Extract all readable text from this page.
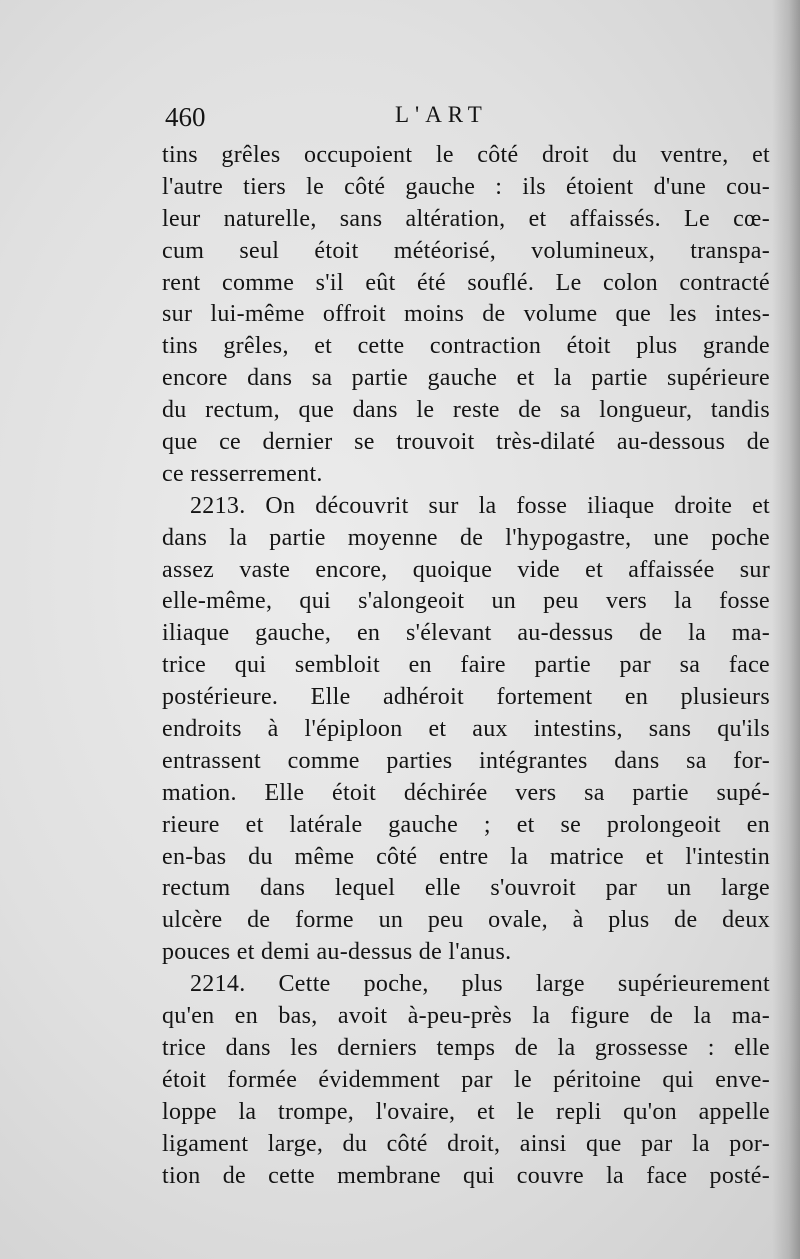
460	L'ART
tins grêles occupoient le côté droit du ventre, et
l'autre tiers le côté gauche : ils étoient d'une cou-
leur naturelle, sans altération, et affaissés. Le cœ-
cum seul étoit météorisé, volumineux, transpa-
rent comme s'il eût été souflé. Le colon contracté
sur lui-même offroit moins de volume que les intes-
tins grêles, et cette contraction étoit plus grande
encore dans sa partie gauche et la partie supérieure
du rectum, que dans le reste de sa longueur, tandis
que ce dernier se trouvoit très-dilaté au-dessous de
ce resserrement.
2213. On découvrit sur la fosse iliaque droite et
dans la partie moyenne de l'hypogastre, une poche
assez vaste encore, quoique vide et affaissée sur
elle-même, qui s'alongeoit un peu vers la fosse
iliaque gauche, en s'élevant au-dessus de la ma-
trice qui sembloit en faire partie par sa face
postérieure. Elle adhéroit fortement en plusieurs
endroits à l'épiploon et aux intestins, sans qu'ils
entrassent comme parties intégrantes dans sa for-
mation. Elle étoit déchirée vers sa partie supé-
rieure et latérale gauche ; et se prolongeoit en
en-bas du même côté entre la matrice et l'intestin
rectum dans lequel elle s'ouvroit par un large
ulcère de forme un peu ovale, à plus de deux
pouces et demi au-dessus de l'anus.
2214. Cette poche, plus large supérieurement
qu'en en bas, avoit à-peu-près la figure de la ma-
trice dans les derniers temps de la grossesse : elle
étoit formée évidemment par le péritoine qui enve-
loppe la trompe, l'ovaire, et le repli qu'on appelle
ligament large, du côté droit, ainsi que par la por-
tion de cette membrane qui couvre la face posté-
